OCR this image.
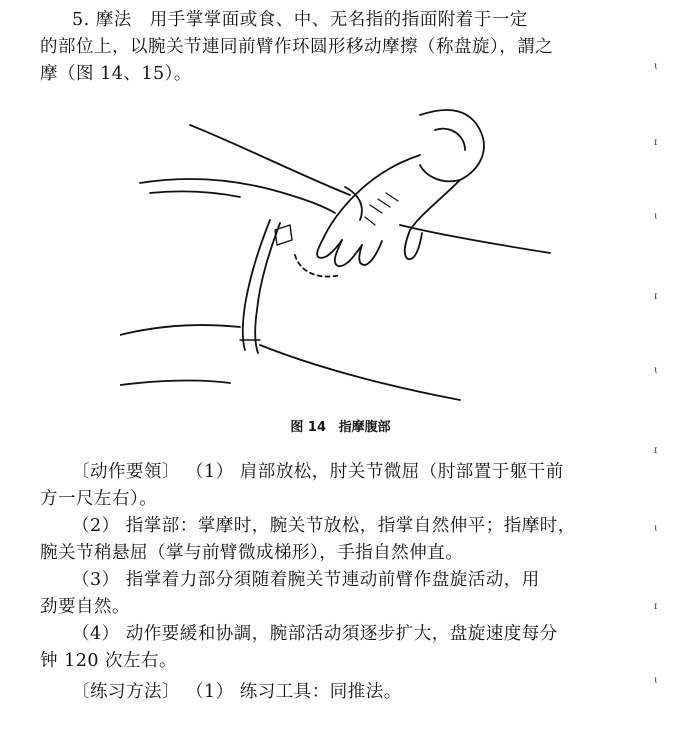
5. 摩法　用手掌掌面或食、中、无名指的指面附着于一定

的部位上，以腕关节連同前臂作环圆形移动摩擦（称盘旋），謂之

摩（图 14、15）。

图 14 指摩腹部

〔动作要領〕 （1） 肩部放松，肘关节微屈（肘部置于躯干前

方一尺左右）。

（2） 指掌部：掌摩时，腕关节放松，指掌自然伸平；指摩时，

腕关节稍悬屈（掌与前臂微成梯形），手指自然伸直。

（3） 指掌着力部分須随着腕关节連动前臂作盘旋活动，用

劲要自然。

（4） 动作要緩和协調，腕部活动須逐步扩大，盘旋速度每分

钟 120 次左右。

〔练习方法〕 （1） 练习工具：同推法。

ɩ
ɪ
ɩ
ɪ
ɩ
ɪ
ɩ
ɪ
ɩ
